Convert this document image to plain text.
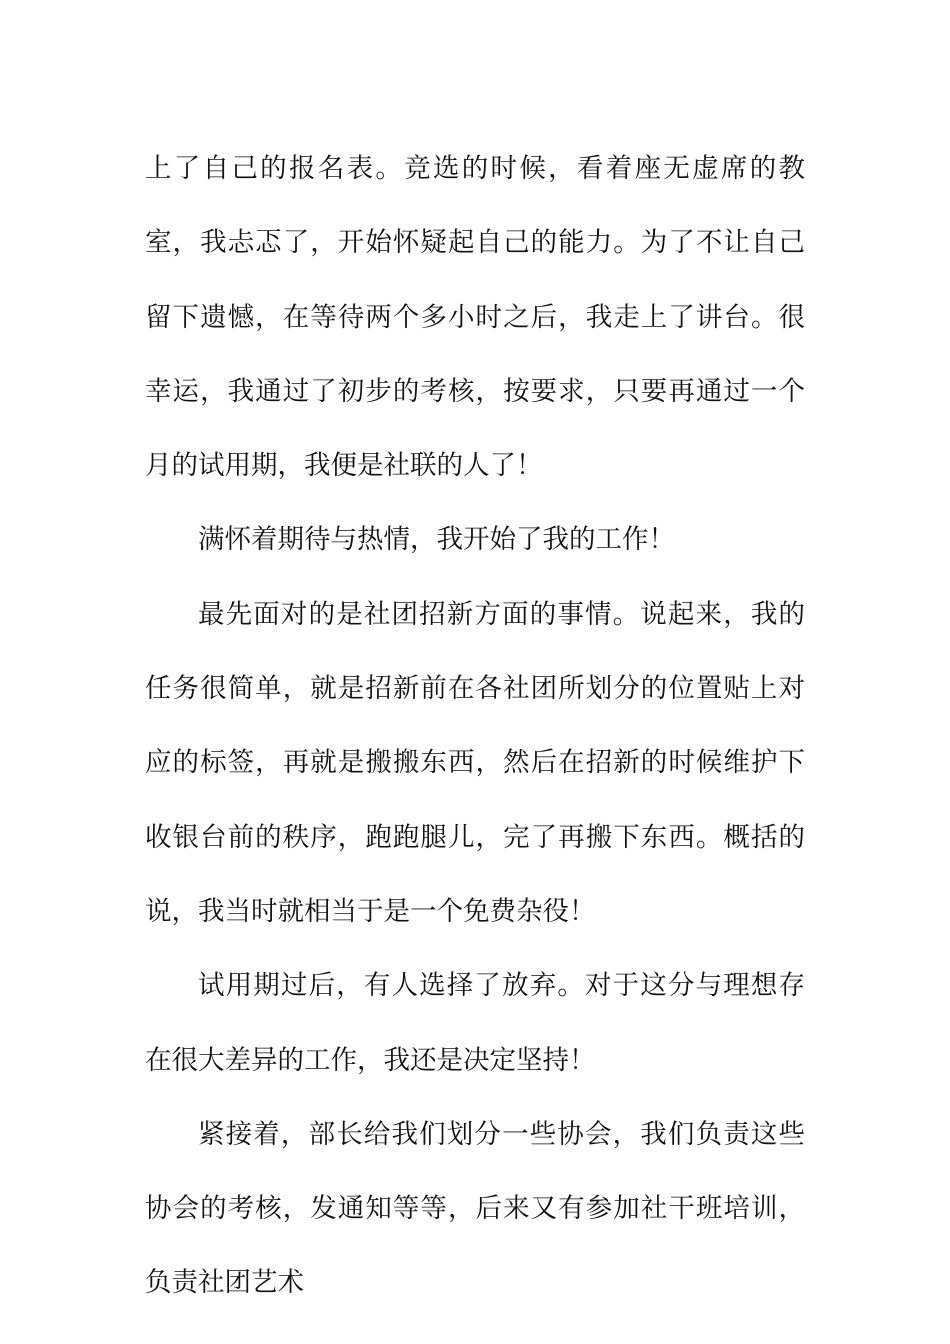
上了自己的报名表。竞选的时候，看着座无虚席的教室，我忐忑了，开始怀疑起自己的能力。为了不让自己留下遗憾，在等待两个多小时之后，我走上了讲台。很幸运，我通过了初步的考核，按要求，只要再通过一个月的试用期，我便是社联的人了！

满怀着期待与热情，我开始了我的工作！

最先面对的是社团招新方面的事情。说起来，我的任务很简单，就是招新前在各社团所划分的位置贴上对应的标签，再就是搬搬东西，然后在招新的时候维护下收银台前的秩序，跑跑腿儿，完了再搬下东西。概括的说，我当时就相当于是一个免费杂役！

试用期过后，有人选择了放弃。对于这分与理想存在很大差异的工作，我还是决定坚持！

紧接着，部长给我们划分一些协会，我们负责这些协会的考核，发通知等等，后来又有参加社干班培训，负责社团艺术
